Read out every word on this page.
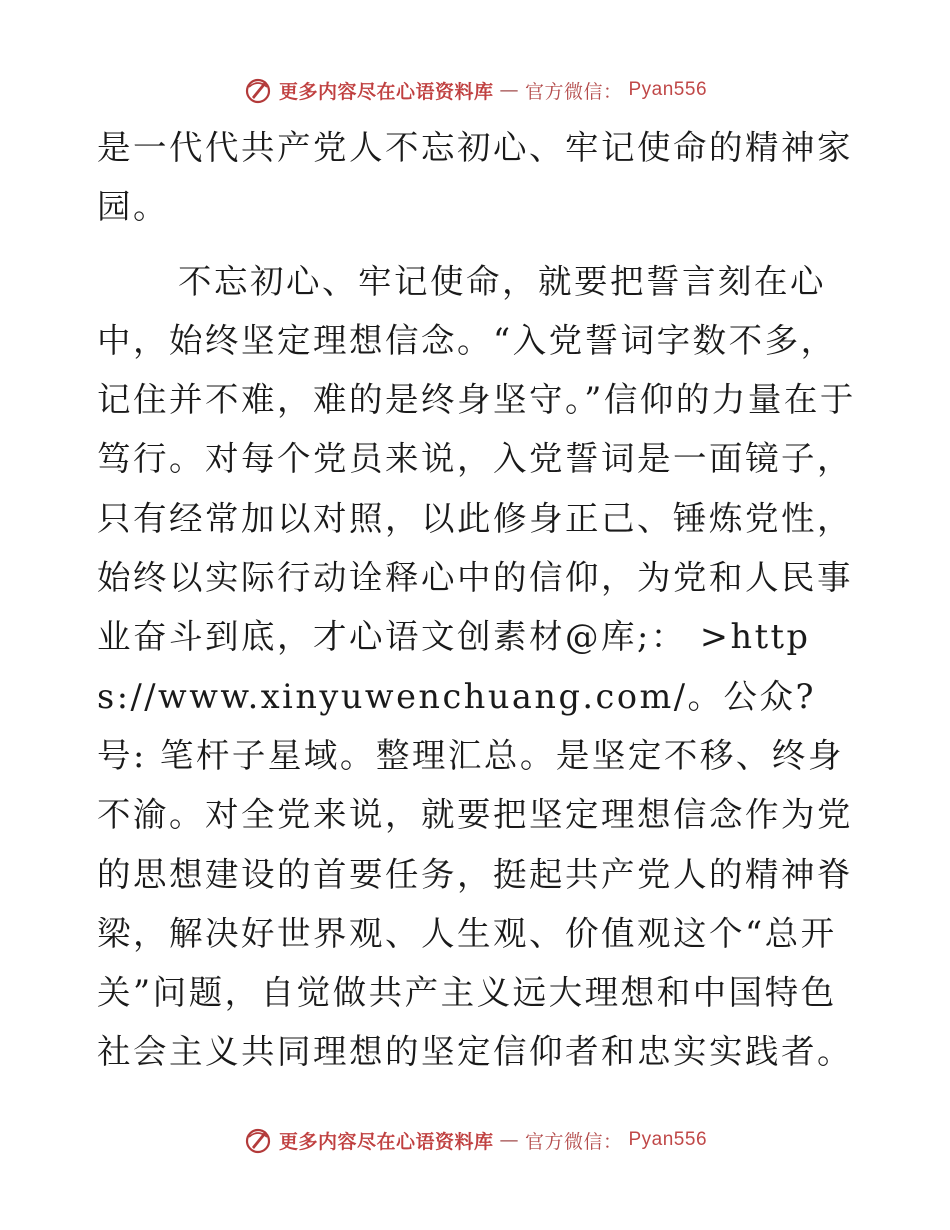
更多内容尽在心语资料库 — 官方微信： Pyan556

是一代代共产党人不忘初心、牢记使命的精神家园。

不忘初心、牢记使命，就要把誓言刻在心中，始终坚定理想信念。“入党誓词字数不多，记住并不难，难的是终身坚守。”信仰的力量在于笃行。对每个党员来说，入党誓词是一面镜子，只有经常加以对照，以此修身正己、锤炼党性，始终以实际行动诠释心中的信仰，为党和人民事业奋斗到底，才心语文创素材@库;： >https://www.xinyuwenchuang.com/。公众?号: 笔杆子星域。整理汇总。是坚定不移、终身不渝。对全党来说，就要把坚定理想信念作为党的思想建设的首要任务，挺起共产党人的精神脊梁，解决好世界观、人生观、价值观这个“总开关”问题，自觉做共产主义远大理想和中国特色社会主义共同理想的坚定信仰者和忠实实践者。

更多内容尽在心语资料库 — 官方微信： Pyan556
